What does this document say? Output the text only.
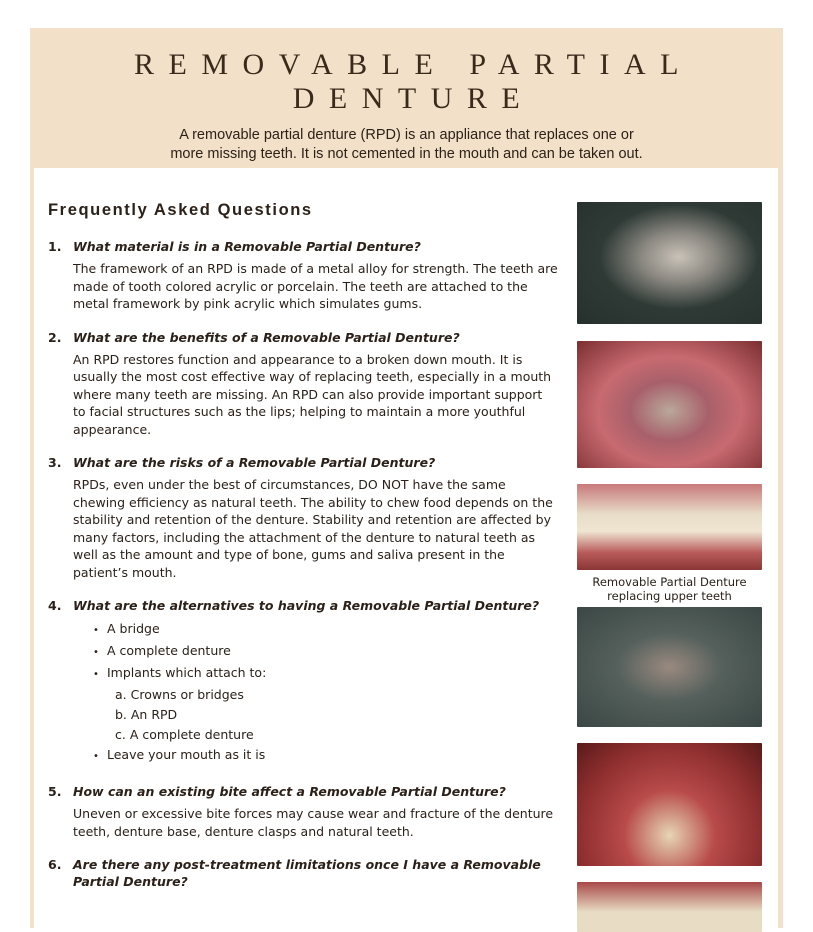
REMOVABLE PARTIAL DENTURE
A removable partial denture (RPD) is an appliance that replaces one or
more missing teeth. It is not cemented in the mouth and can be taken out.
Frequently Asked Questions
1. What material is in a Removable Partial Denture?
The framework of an RPD is made of a metal alloy for strength. The teeth are made of tooth colored acrylic or porcelain. The teeth are attached to the metal framework by pink acrylic which simulates gums.
2. What are the benefits of a Removable Partial Denture?
An RPD restores function and appearance to a broken down mouth. It is usually the most cost effective way of replacing teeth, especially in a mouth where many teeth are missing. An RPD can also provide important support to facial structures such as the lips; helping to maintain a more youthful appearance.
3. What are the risks of a Removable Partial Denture?
RPDs, even under the best of circumstances, DO NOT have the same chewing efficiency as natural teeth. The ability to chew food depends on the stability and retention of the denture. Stability and retention are affected by many factors, including the attachment of the denture to natural teeth as well as the amount and type of bone, gums and saliva present in the patient’s mouth.
4. What are the alternatives to having a Removable Partial Denture?
• A bridge
• A complete denture
• Implants which attach to:
a. Crowns or bridges
b. An RPD
c. A complete denture
• Leave your mouth as it is
5. How can an existing bite affect a Removable Partial Denture?
Uneven or excessive bite forces may cause wear and fracture of the denture teeth, denture base, denture clasps and natural teeth.
6. Are there any post-treatment limitations once I have a Removable Partial Denture?
Removable Partial Denture replacing upper teeth
